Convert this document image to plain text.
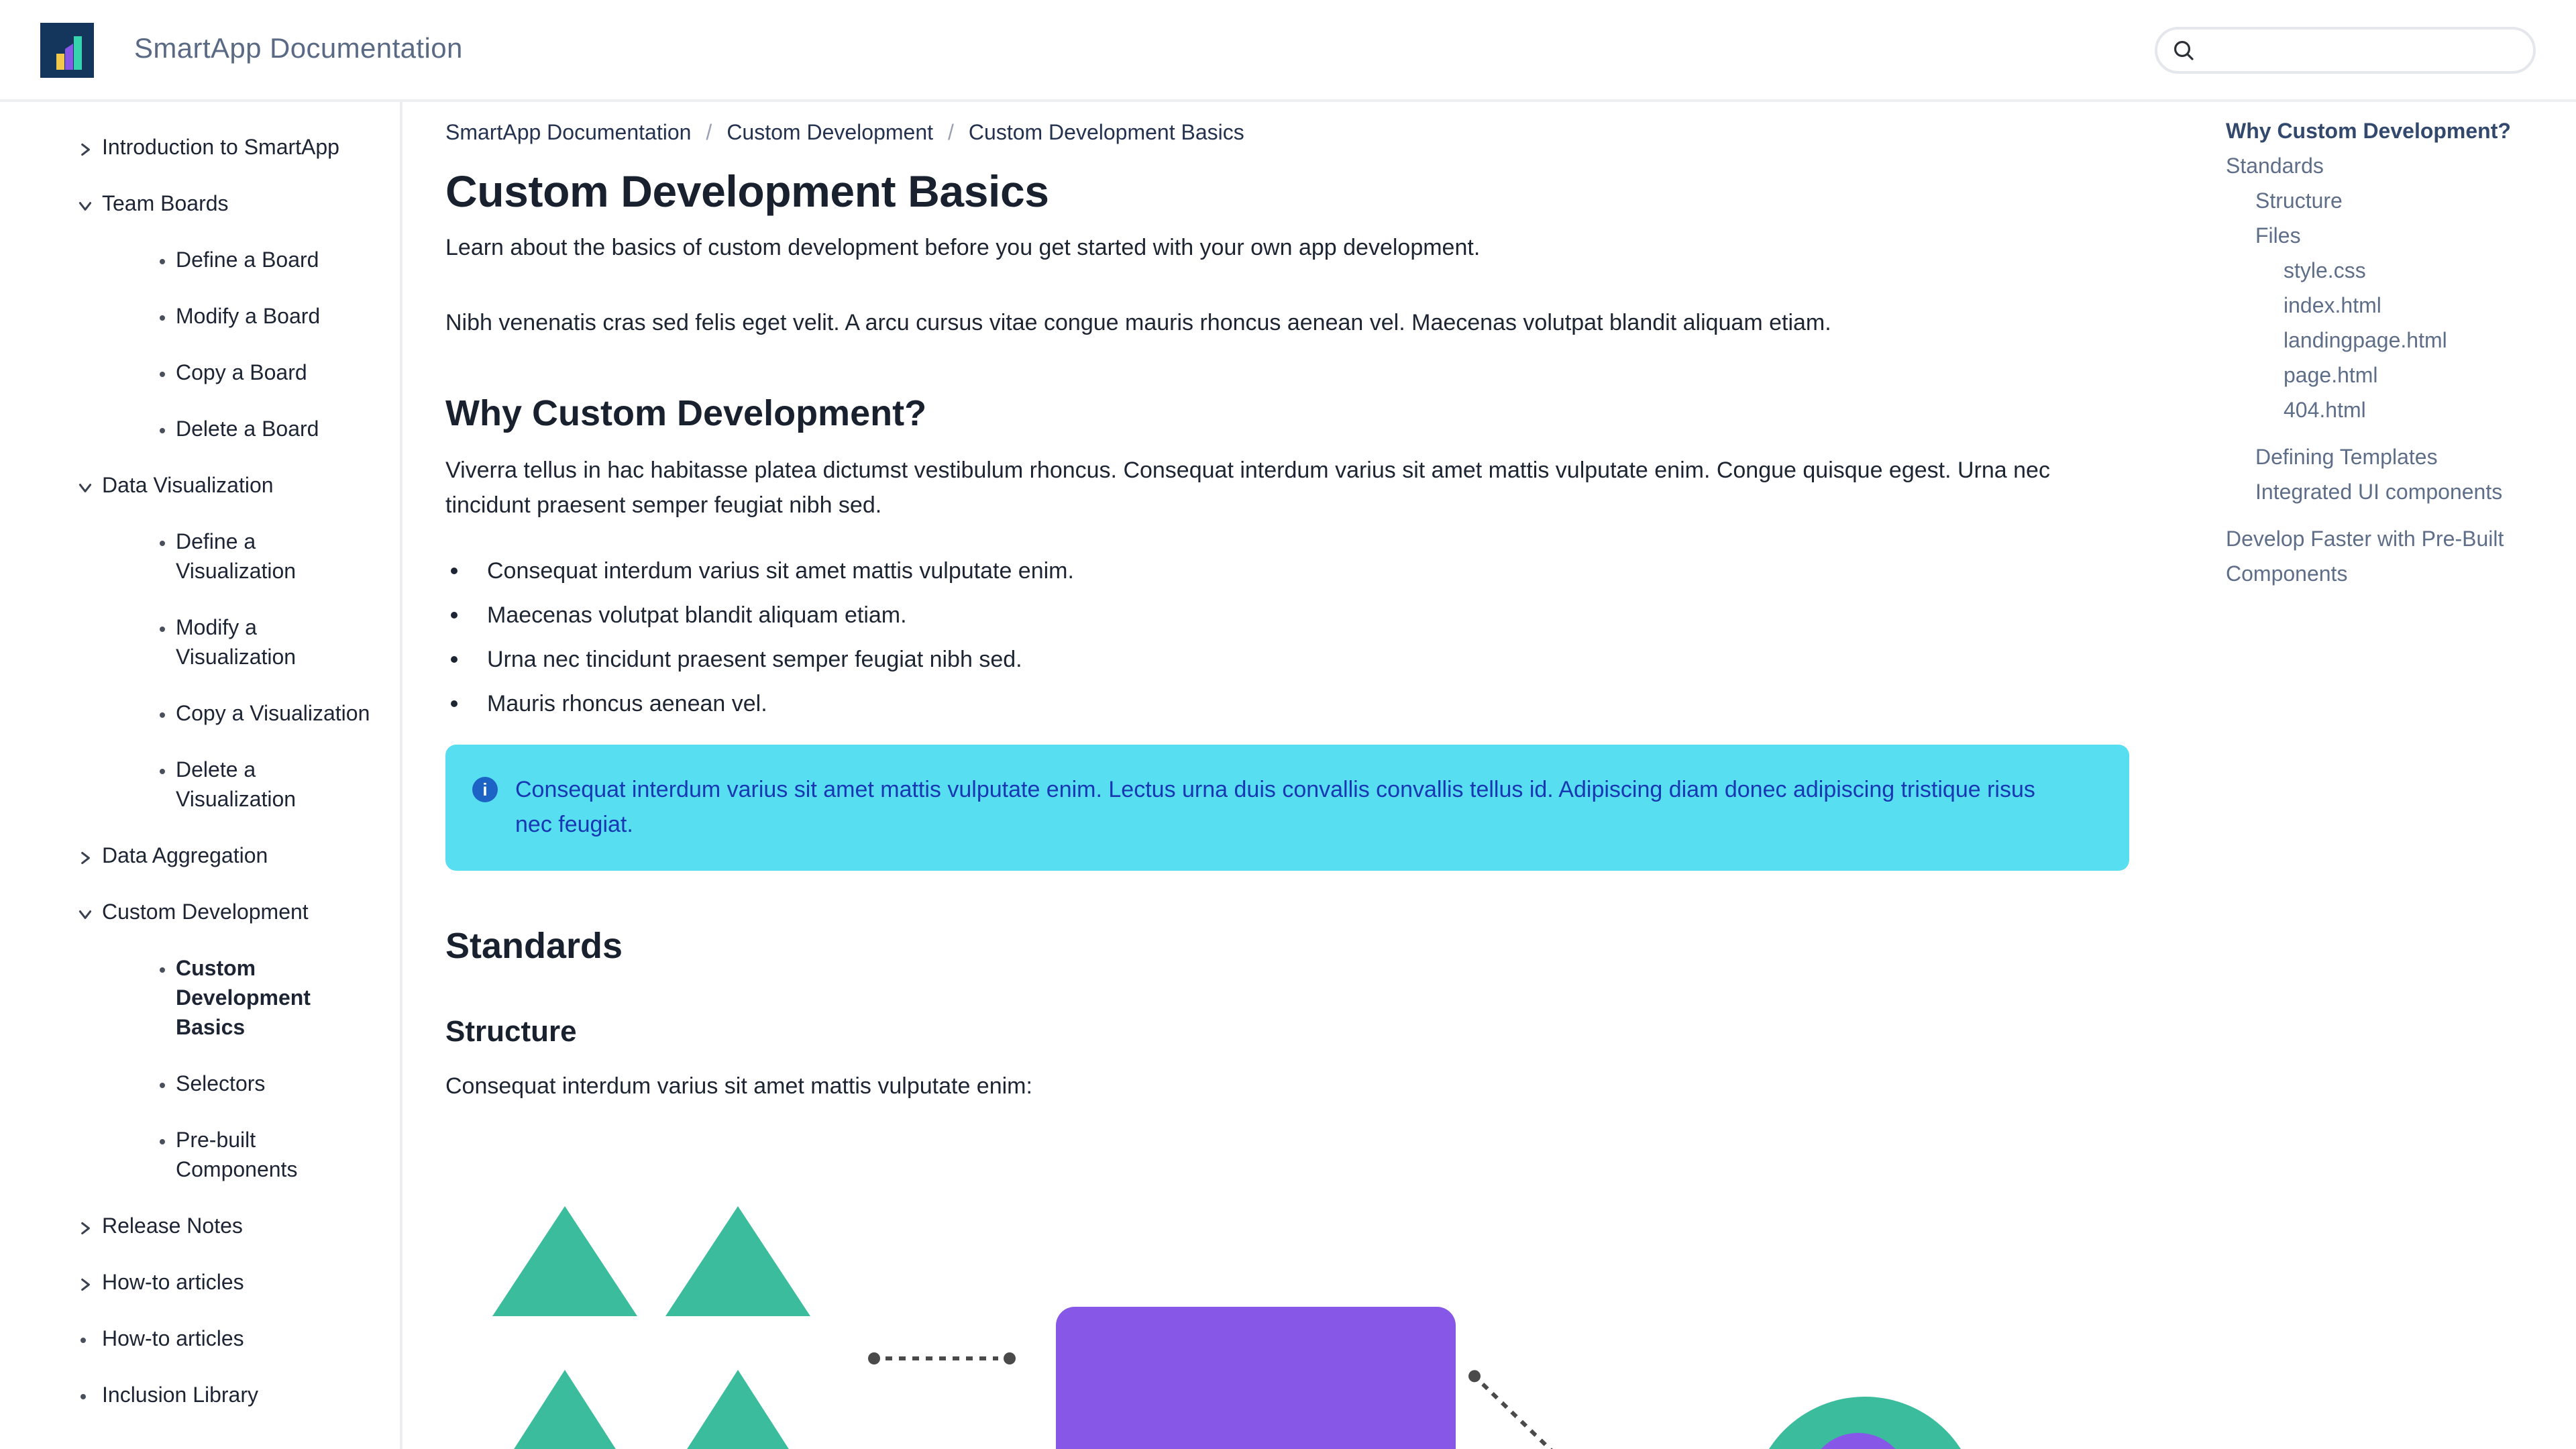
SmartApp Documentation
Introduction to SmartApp
Team Boards
Define a Board
Modify a Board
Copy a Board
Delete a Board
Data Visualization
Define a Visualization
Modify a Visualization
Copy a Visualization
Delete a Visualization
Data Aggregation
Custom Development
Custom Development Basics
Selectors
Pre-built Components
Release Notes
How-to articles
How-to articles
Inclusion Library
SmartApp Documentation / Custom Development / Custom Development Basics
Custom Development Basics

Learn about the basics of custom development before you get started with your own app development.

Nibh venenatis cras sed felis eget velit. A arcu cursus vitae congue mauris rhoncus aenean vel. Maecenas volutpat blandit aliquam etiam.

Why Custom Development?

Viverra tellus in hac habitasse platea dictumst vestibulum rhoncus. Consequat interdum varius sit amet mattis vulputate enim. Congue quisque egest. Urna nec tincidunt praesent semper feugiat nibh sed.

• Consequat interdum varius sit amet mattis vulputate enim.
• Maecenas volutpat blandit aliquam etiam.
• Urna nec tincidunt praesent semper feugiat nibh sed.
• Mauris rhoncus aenean vel.
i	Consequat interdum varius sit amet mattis vulputate enim. Lectus urna duis convallis convallis tellus id. Adipiscing diam donec adipiscing tristique risus nec feugiat.
Standards
Structure

Consequat interdum varius sit amet mattis vulputate enim:

Why Custom Development?
Standards
Structure
Files
style.css
index.html
landingpage.html
page.html
404.html
Defining Templates
Integrated UI components
Develop Faster with Pre-Built Components
